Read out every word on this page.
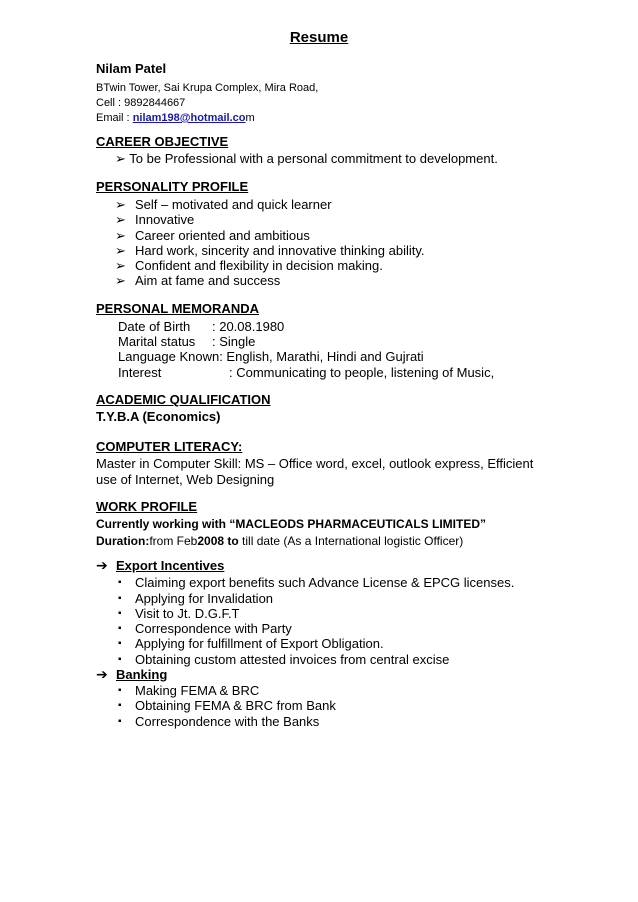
Resume
Nilam Patel
BTwin Tower, Sai Krupa Complex, Mira Road,
Cell : 9892844667
Email : nilam198@hotmail.com
CAREER OBJECTIVE
➢ To be Professional with a personal commitment to development.
PERSONALITY PROFILE
➢ Self – motivated and quick learner
➢ Innovative
➢ Career oriented and ambitious
➢ Hard work, sincerity and innovative thinking ability.
➢ Confident and flexibility in decision making.
➢ Aim at fame and success
PERSONAL MEMORANDA
Date of Birth : 20.08.1980
Marital status : Single
Language Known: English, Marathi, Hindi and Gujrati
Interest	: Communicating to people, listening of Music,
ACADEMIC QUALIFICATION
T.Y.B.A (Economics)
COMPUTER LITERACY:
Master in Computer Skill: MS – Office word, excel, outlook express, Efficient
use of Internet, Web Designing
WORK PROFILE
Currently working with “MACLEODS PHARMACEUTICALS LIMITED”
Duration:from Feb2008 to till date (As a International logistic Officer)
➔ Export Incentives
▪ Claiming export benefits such Advance License & EPCG licenses.
▪ Applying for Invalidation
▪ Visit to Jt. D.G.F.T
▪ Correspondence with Party
▪ Applying for fulfillment of Export Obligation.
▪ Obtaining custom attested invoices from central excise
➔ Banking
▪ Making FEMA & BRC
▪ Obtaining FEMA & BRC from Bank
▪ Correspondence with the Banks
